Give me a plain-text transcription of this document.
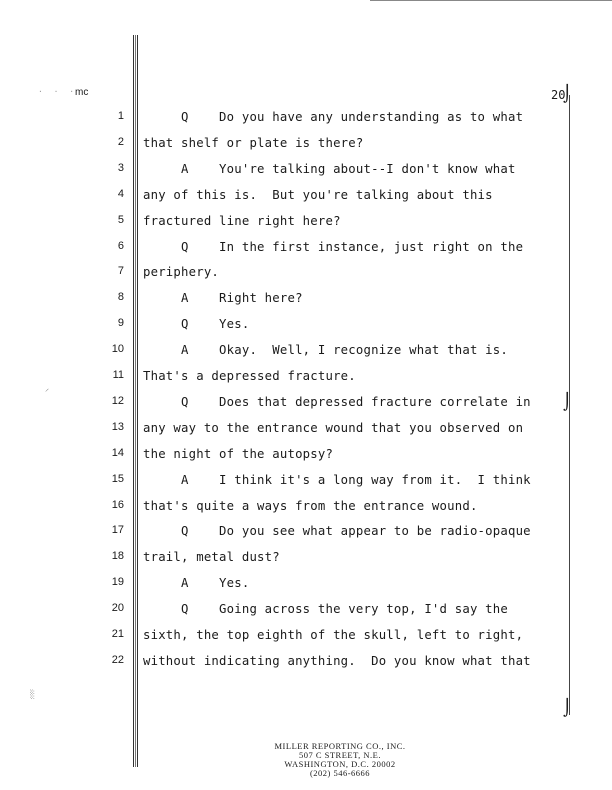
· · ·
mc	20
⌡
⌡
⌡
⸝
░
1 Q    Do you have any understanding as to what
2 that shelf or plate is there?
3 A    You're talking about--I don't know what
4 any of this is.  But you're talking about this
5 fractured line right here?
6 Q    In the first instance, just right on the
7 periphery.
8 A    Right here?
9 Q    Yes.
10 A    Okay.  Well, I recognize what that is.
11 That's a depressed fracture.
12 Q    Does that depressed fracture correlate in
13 any way to the entrance wound that you observed on
14 the night of the autopsy?
15 A    I think it's a long way from it.  I think
16 that's quite a ways from the entrance wound.
17 Q    Do you see what appear to be radio-opaque
18 trail, metal dust?
19 A    Yes.
20 Q    Going across the very top, I'd say the
21 sixth, the top eighth of the skull, left to right,
22 without indicating anything.  Do you know what that
MILLER REPORTING CO., INC.
507 C STREET, N.E.
WASHINGTON, D.C. 20002
(202) 546-6666
